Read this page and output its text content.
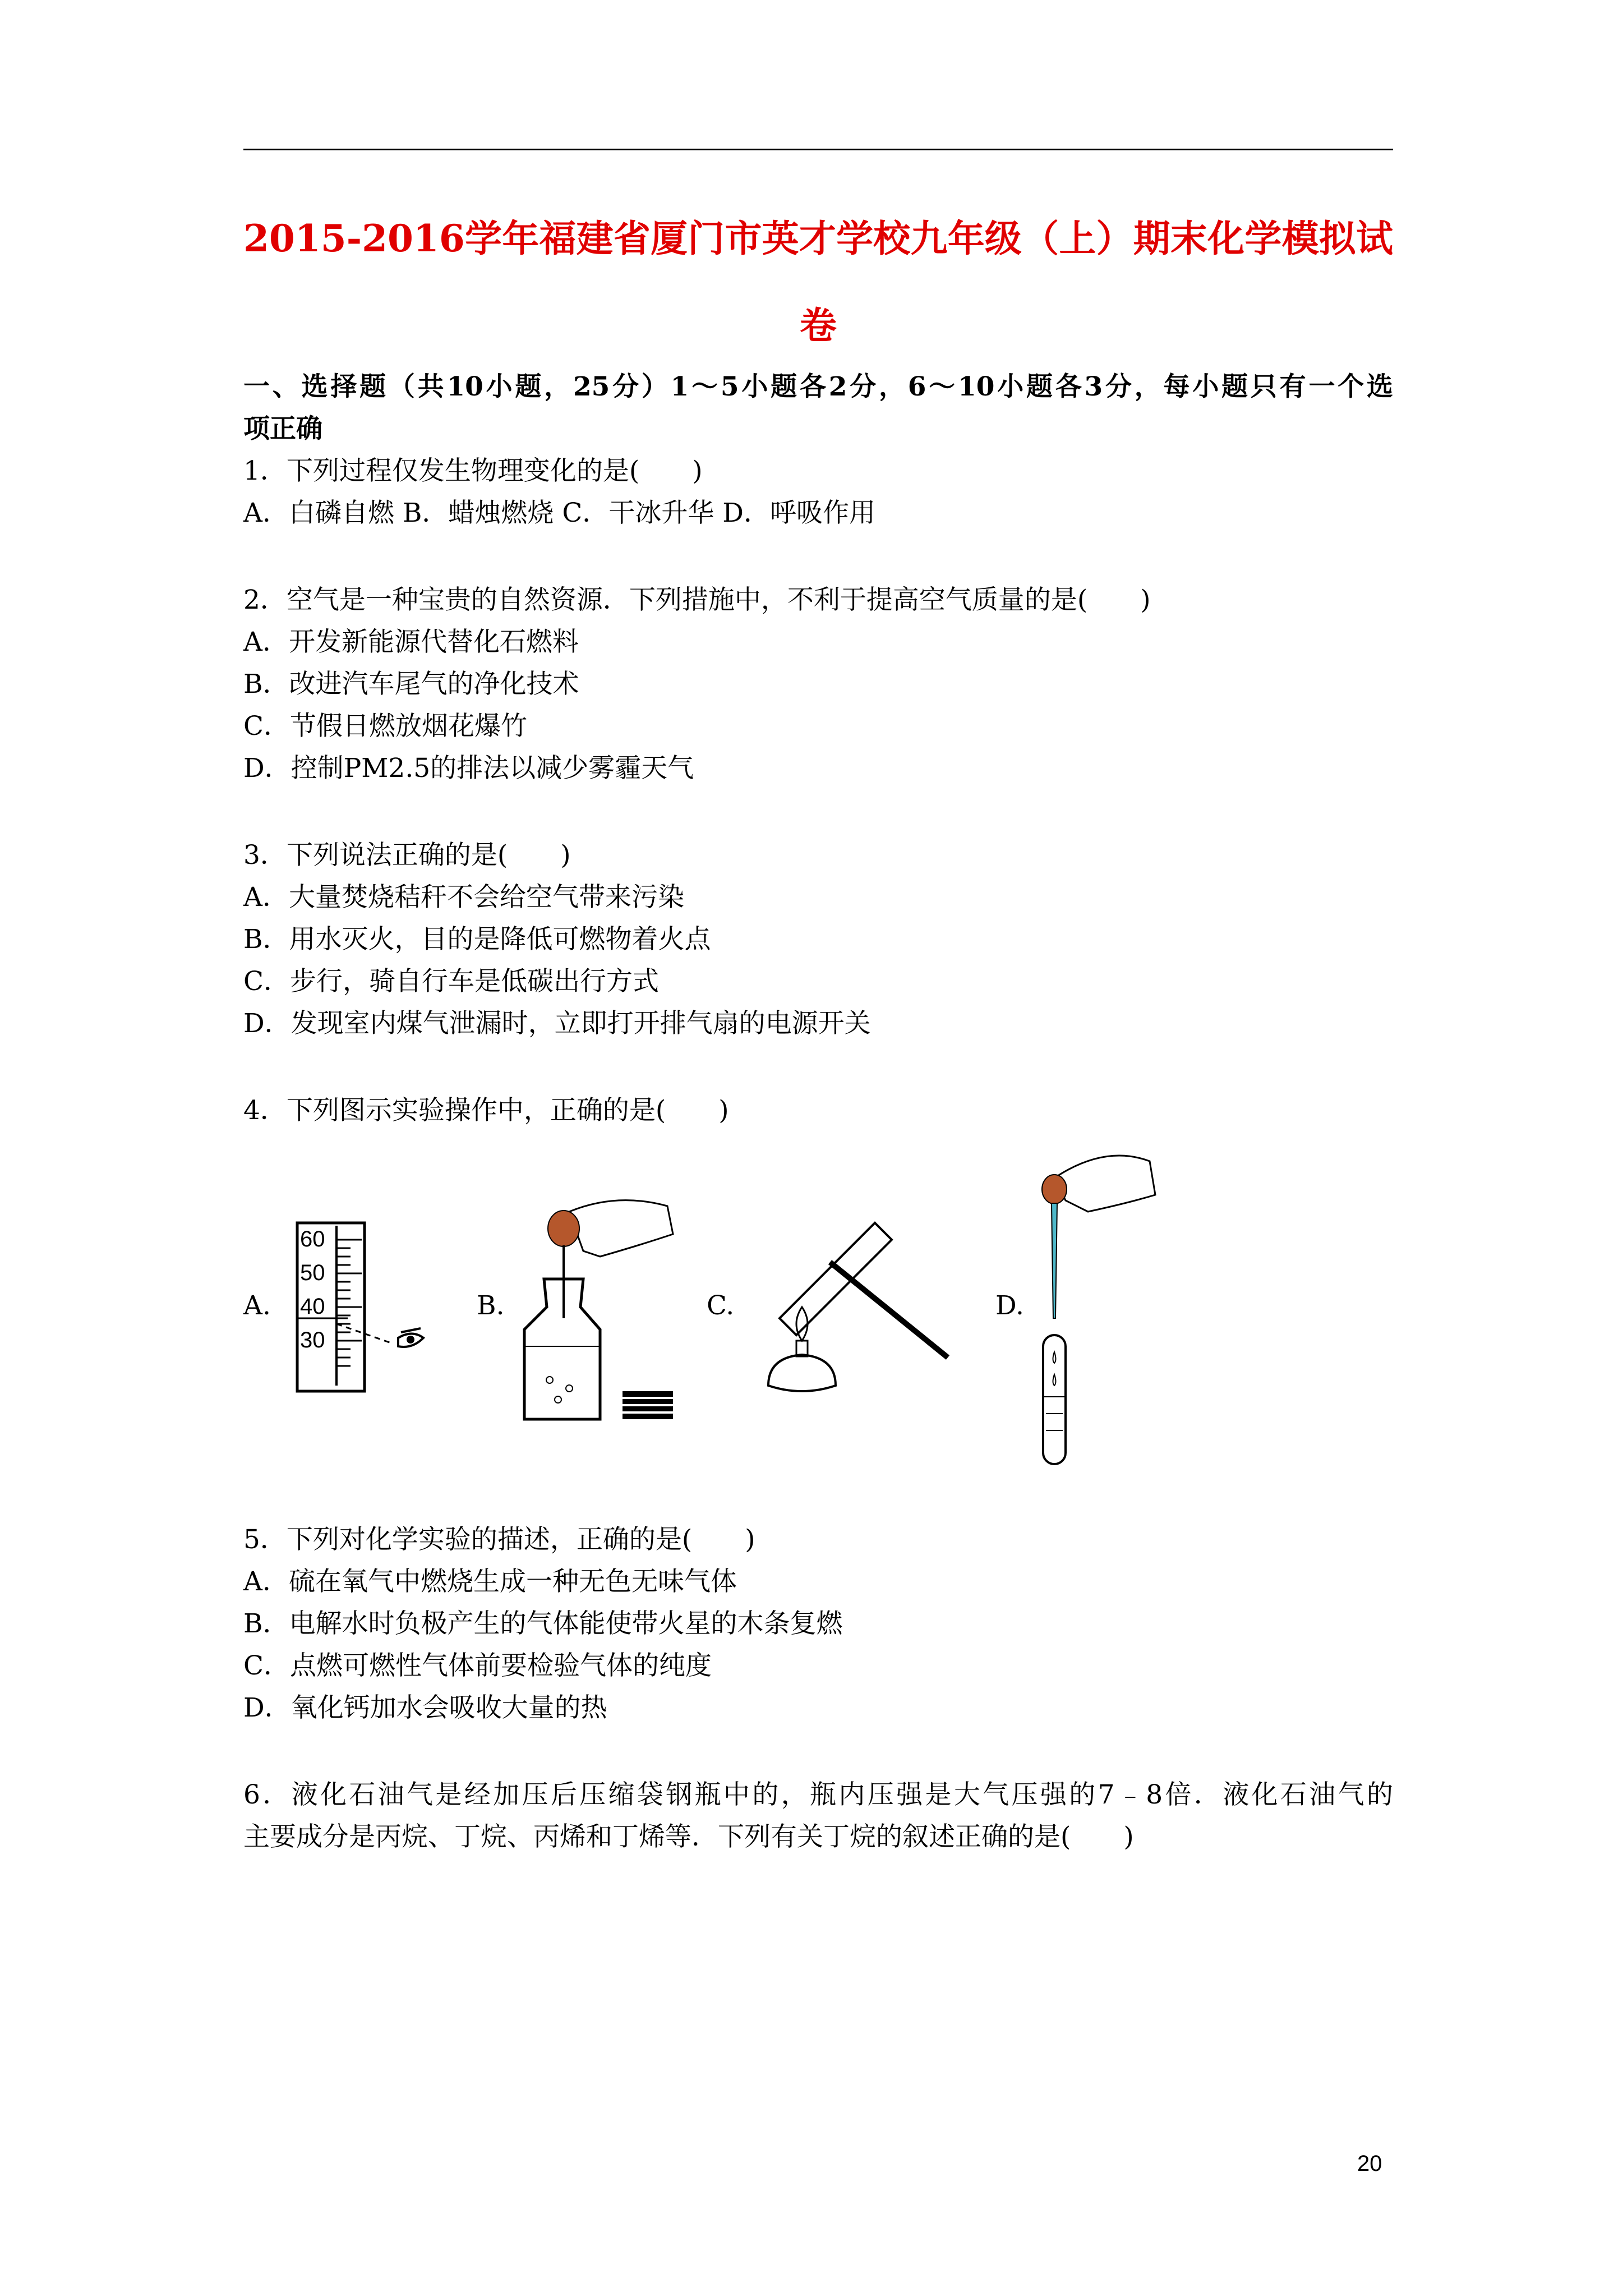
2015-2016学年福建省厦门市英才学校九年级（上）期末化学模拟试
卷
一、选择题（共10小题，25分）1～5小题各2分，6～10小题各3分，每小题只有一个选
项正确
1．下列过程仅发生物理变化的是(　　)
A．白磷自燃 B．蜡烛燃烧 C．干冰升华 D．呼吸作用
2．空气是一种宝贵的自然资源．下列措施中，不利于提高空气质量的是(　　)
A．开发新能源代替化石燃料
B．改进汽车尾气的净化技术
C．节假日燃放烟花爆竹
D．控制PM2.5的排法以减少雾霾天气
3．下列说法正确的是(　　)
A．大量焚烧秸秆不会给空气带来污染
B．用水灭火，目的是降低可燃物着火点
C．步行，骑自行车是低碳出行方式
D．发现室内煤气泄漏时，立即打开排气扇的电源开关
4．下列图示实验操作中，正确的是(　　)
A.	B.	C.	D.
60
50
40
30
5．下列对化学实验的描述，正确的是(　　)
A．硫在氧气中燃烧生成一种无色无味气体
B．电解水时负极产生的气体能使带火星的木条复燃
C．点燃可燃性气体前要检验气体的纯度
D．氧化钙加水会吸收大量的热
6．液化石油气是经加压后压缩袋钢瓶中的，瓶内压强是大气压强的7﹣8倍．液化石油气的
主要成分是丙烷、丁烷、丙烯和丁烯等．下列有关丁烷的叙述正确的是(　　)
20
